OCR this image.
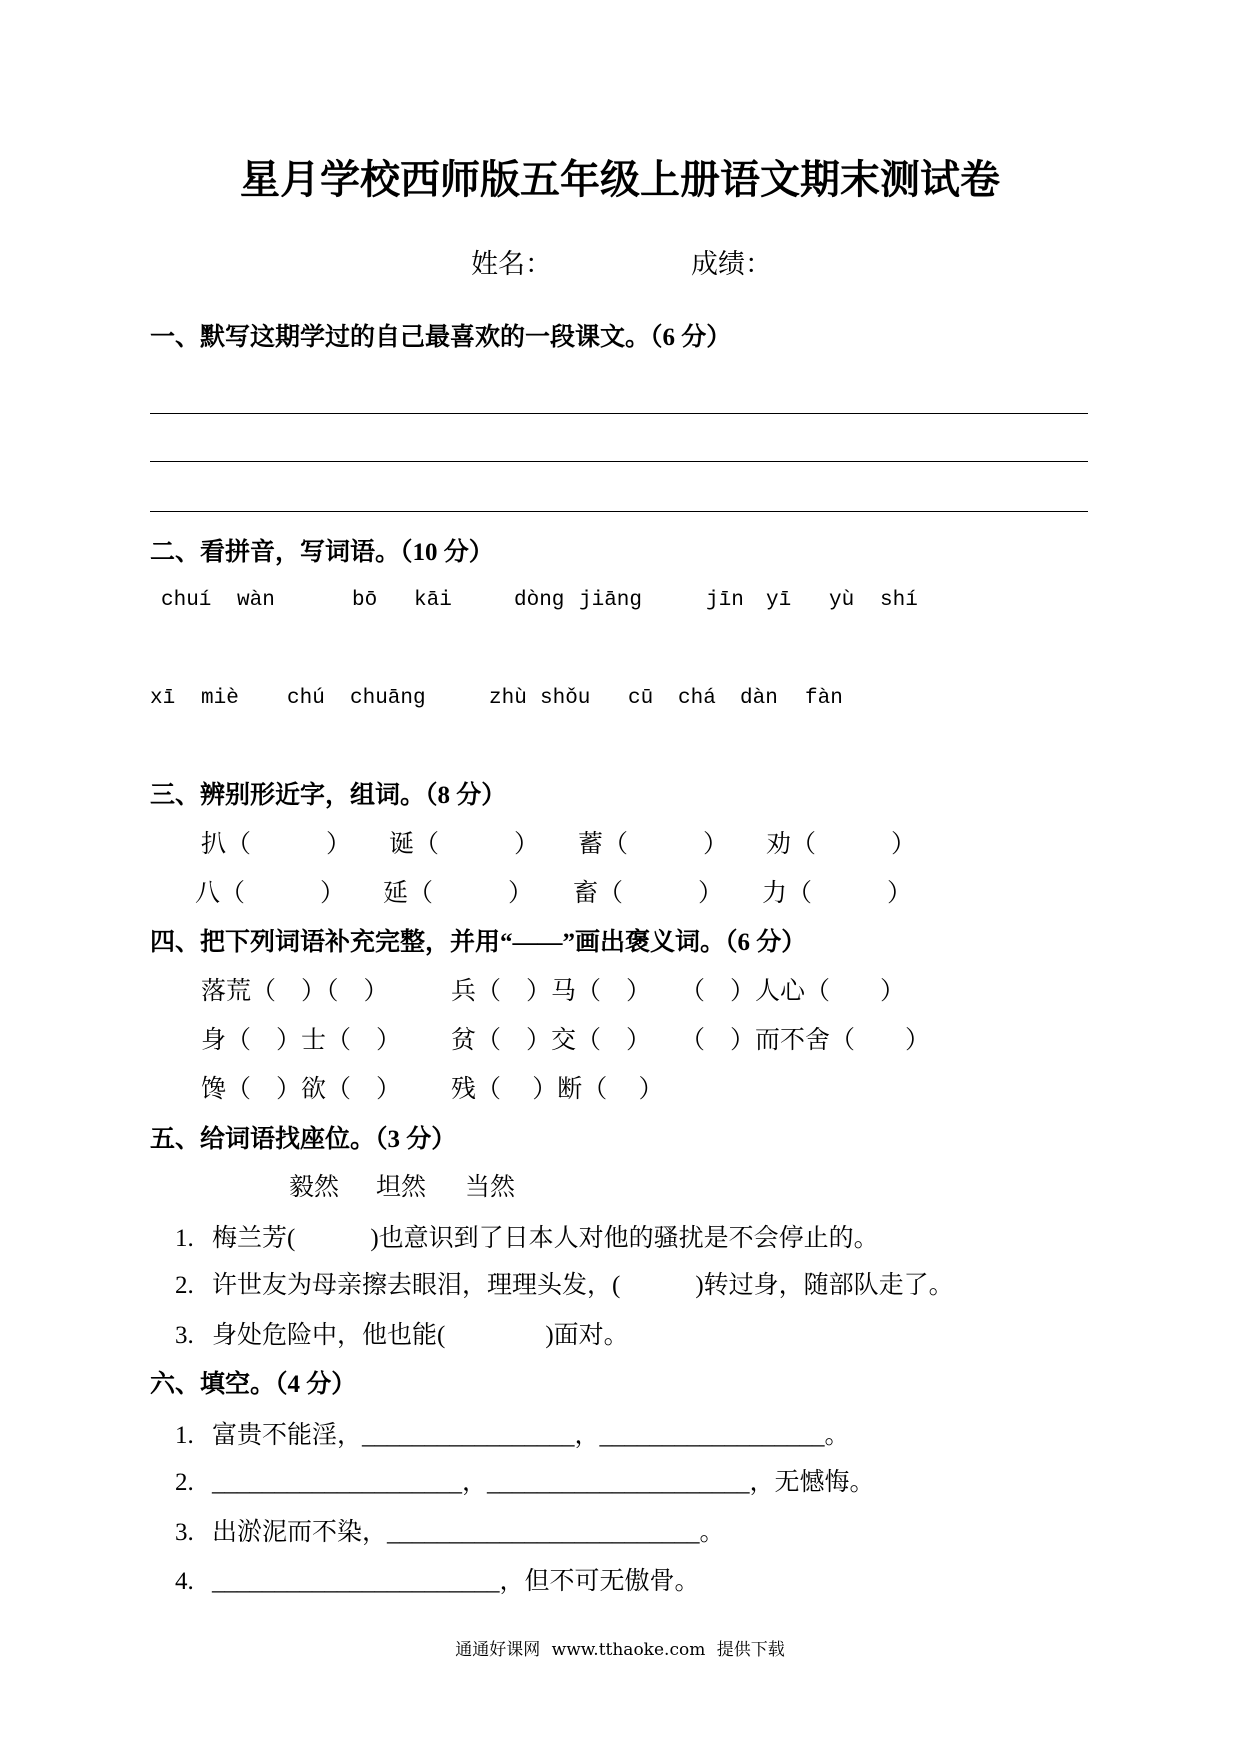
星月学校西师版五年级上册语文期末测试卷
姓名：	成绩：
一、默写这期学过的自己最喜欢的一段课文。（6 分）
二、看拼音，写词语。（10 分）
chuí wàn	bō kāi	dòng jiāng	jīn yī yù shí
xī miè chú chuāng	zhù shǒu cū chá dàn fàn
三、辨别形近字，组词。（8 分）
扒（　　　） 诞（　　　） 蓄（　　　） 劝（　　　）
八（　　　） 延（　　　） 畜（　　　） 力（　　　）
四、把下列词语补充完整，并用“——”画出褒义词。（6 分）
落荒（　）（　） 兵（　）马（　） （　）人心（　　）
身（　）士（　） 贫（　）交（　） （　）而不舍（　　）
馋（　）欲（　） 残（　 ）断（　 ）
五、给词语找座位。（3 分）
毅然 坦然 当然
1. 梅兰芳(　　　)也意识到了日本人对他的骚扰是不会停止的。
2. 许世友为母亲擦去眼泪，理理头发，(　　　)转过身，随部队走了。
3. 身处危险中，他也能(　　　　)面对。
六、填空。（4 分）
1. 富贵不能淫，_________________，__________________。
2. ____________________，_____________________，无憾悔。
3. 出淤泥而不染，_________________________。
4. _______________________，但不可无傲骨。
通通好课网 www.tthaoke.com 提供下载
